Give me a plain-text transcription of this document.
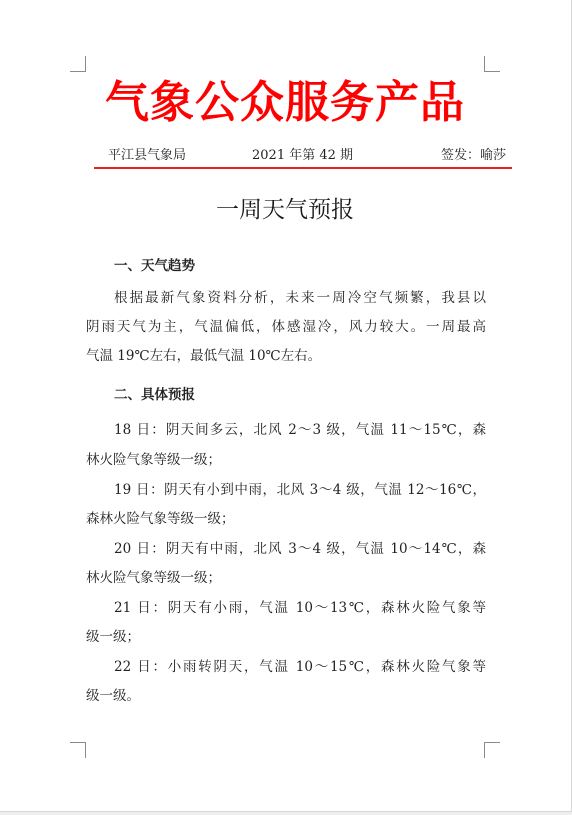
气象公众服务产品
平江县气象局	2021 年第 42 期	签发：喻莎
一周天气预报
一、天气趋势
根据最新气象资料分析，未来一周冷空气频繁，我县以
阴雨天气为主，气温偏低，体感湿冷，风力较大。一周最高
气温 19℃左右，最低气温 10℃左右。
二、具体预报
18 日：阴天间多云，北风 2～3 级，气温 11～15℃，森
林火险气象等级一级；
19 日：阴天有小到中雨，北风 3～4 级，气温 12～16℃，
森林火险气象等级一级；
20 日：阴天有中雨，北风 3～4 级，气温 10～14℃，森
林火险气象等级一级；
21 日：阴天有小雨，气温 10～13℃，森林火险气象等
级一级；
22 日：小雨转阴天，气温 10～15℃，森林火险气象等
级一级。
